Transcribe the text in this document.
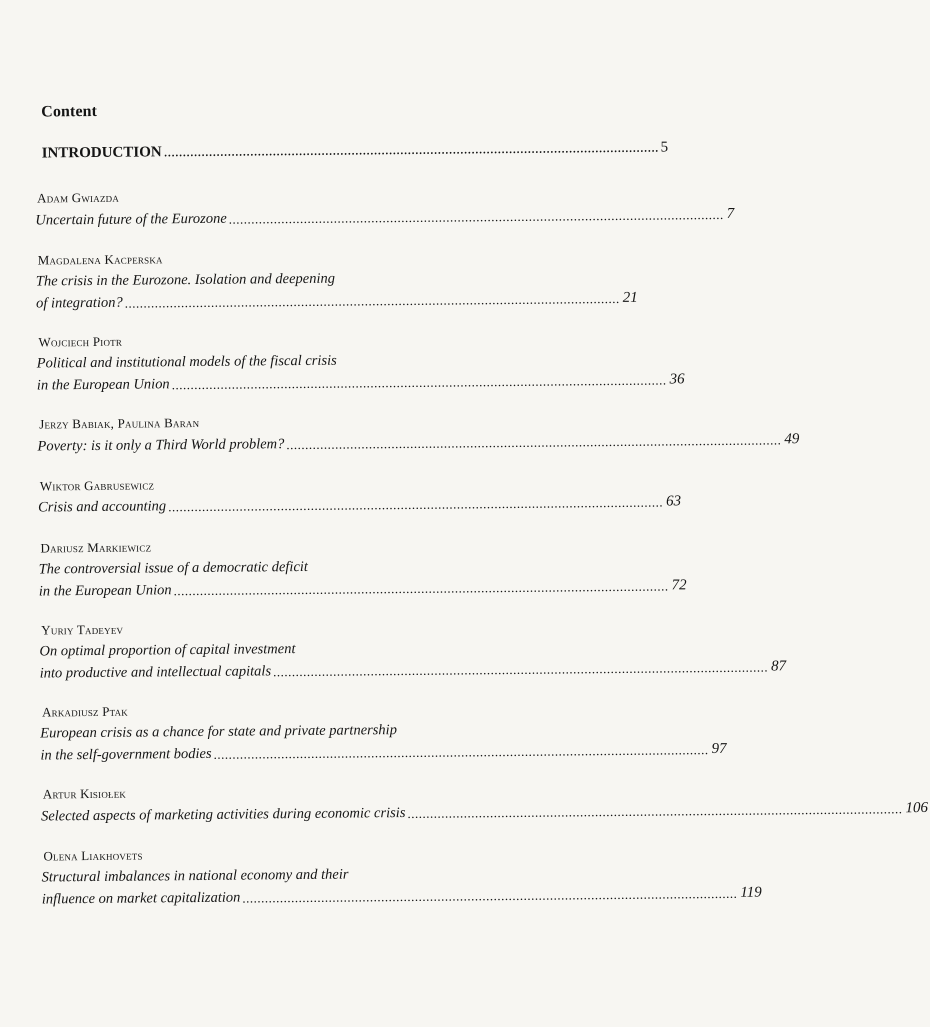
Content
INTRODUCTION .................................................................................................................................... 5
Adam Gwiazda
Uncertain future of the Eurozone .................................................................................................................................... 7
Magdalena Kacperska
The crisis in the Eurozone. Isolation and deepening
of integration? .................................................................................................................................... 21
Wojciech Piotr
Political and institutional models of the fiscal crisis
in the European Union .................................................................................................................................... 36
Jerzy Babiak, Paulina Baran
Poverty: is it only a Third World problem? .................................................................................................................................... 49
Wiktor Gabrusewicz
Crisis and accounting .................................................................................................................................... 63
Dariusz Markiewicz
The controversial issue of a democratic deficit
in the European Union .................................................................................................................................... 72
Yuriy Tadeyev
On optimal proportion of capital investment
into productive and intellectual capitals .................................................................................................................................... 87
Arkadiusz Ptak
European crisis as a chance for state and private partnership
in the self-government bodies .................................................................................................................................... 97
Artur Kisiołek
Selected aspects of marketing activities during economic crisis .................................................................................................................................... 106
Olena Liakhovets
Structural imbalances in national economy and their
influence on market capitalization .................................................................................................................................... 119
